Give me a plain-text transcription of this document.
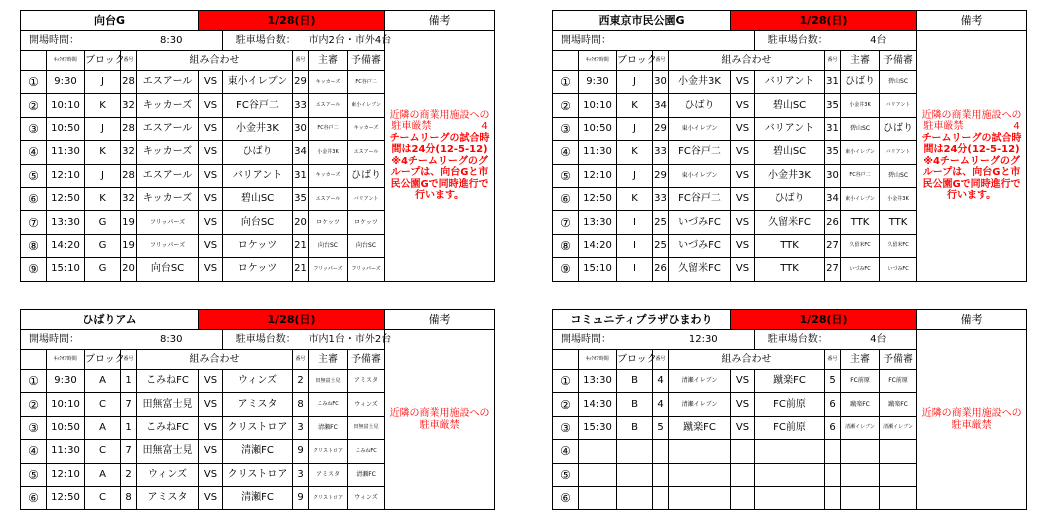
向台G					1/28(日)					備考
開場時間：			8:30			駐車場台数：		市内2台・市外4台		近隣の商業用施設への駐車厳禁　　　　　4
チームリーグの試合時間は24分(12-5-12)
※4チームリーグのグループは、向台Gと市民公園Gで同時進行で行います。

	ｷｯｸｵﾌ時間	ブロック	番号	組み合わせ			番号	主審	予備審	
①	9:30	J	28	エスアール	VS	東小イレブン	29	キッカーズ	FC谷戸二	
②	10:10	K	32	キッカーズ	VS	FC谷戸二	33	エスアール	東小イレブン	
③	10:50	J	28	エスアール	VS	小金井3K	30	FC谷戸二	キッカーズ	
④	11:30	K	32	キッカーズ	VS	ひばり	34	小金井3K	エスアール	
⑤	12:10	J	28	エスアール	VS	バリアント	31	キッカーズ	ひばり	
⑥	12:50	K	32	キッカーズ	VS	碧山SC	35	エスアール	バリアント	
⑦	13:30	G	19	フリッパーズ	VS	向台SC	20	ロケッツ	ロケッツ	
⑧	14:20	G	19	フリッパーズ	VS	ロケッツ	21	向台SC	向台SC	
⑨	15:10	G	20	向台SC	VS	ロケッツ	21	フリッパーズ	フリッパーズ	
西東京市民公園G					1/28(日)					備考
開場時間：						駐車場台数：		4台		近隣の商業用施設への駐車厳禁　　　　　4
チームリーグの試合時間は24分(12-5-12)
※4チームリーグのグループは、向台Gと市民公園Gで同時進行で行います。

	ｷｯｸｵﾌ時間	ブロック	番号	組み合わせ			番号	主審	予備審	
①	9:30	J	30	小金井3K	VS	バリアント	31	ひばり	碧山SC	
②	10:10	K	34	ひばり	VS	碧山SC	35	小金井3K	バリアント	
③	10:50	J	29	東小イレブン	VS	バリアント	31	碧山SC	ひばり	
④	11:30	K	33	FC谷戸二	VS	碧山SC	35	東小イレブン	バリアント	
⑤	12:10	J	29	東小イレブン	VS	小金井3K	30	FC谷戸二	碧山SC	
⑥	12:50	K	33	FC谷戸二	VS	ひばり	34	東小イレブン	小金井3K	
⑦	13:30	I	25	いづみFC	VS	久留米FC	26	TTK	TTK	
⑧	14:20	I	25	いづみFC	VS	TTK	27	久留米FC	久留米FC	
⑨	15:10	I	26	久留米FC	VS	TTK	27	いづみFC	いづみFC	
ひばりアム					1/28(日)					備考
開場時間：			8:30			駐車場台数：		市内1台・市外2台		近隣の商業用施設への駐車厳禁

	ｷｯｸｵﾌ時間	ブロック	番号	組み合わせ			番号	主審	予備審	
①	9:30	A	1	こみねFC	VS	ウィンズ	2	田無富士見	アミスタ	
②	10:10	C	7	田無富士見	VS	アミスタ	8	こみねFC	ウィンズ	
③	10:50	A	1	こみねFC	VS	クリストロア	3	清瀬FC	田無富士見	
④	11:30	C	7	田無富士見	VS	清瀬FC	9	クリストロア	こみねFC	
⑤	12:10	A	2	ウィンズ	VS	クリストロア	3	アミスタ	清瀬FC	
⑥	12:50	C	8	アミスタ	VS	清瀬FC	9	クリストロア	ウィンズ	
コミュニティプラザひまわり					1/28(日)					備考
開場時間：			12:30			駐車場台数：		4台		近隣の商業用施設への駐車厳禁

	ｷｯｸｵﾌ時間	ブロック	番号	組み合わせ			番号	主審	予備審	
①	13:30	B	4	清瀬イレブン	VS	蹴楽FC	5	FC前原	FC前原	
②	14:30	B	4	清瀬イレブン	VS	FC前原	6	蹴楽FC	蹴楽FC	
③	15:30	B	5	蹴楽FC	VS	FC前原	6	清瀬イレブン	清瀬イレブン	
④										
⑤										
⑥										
